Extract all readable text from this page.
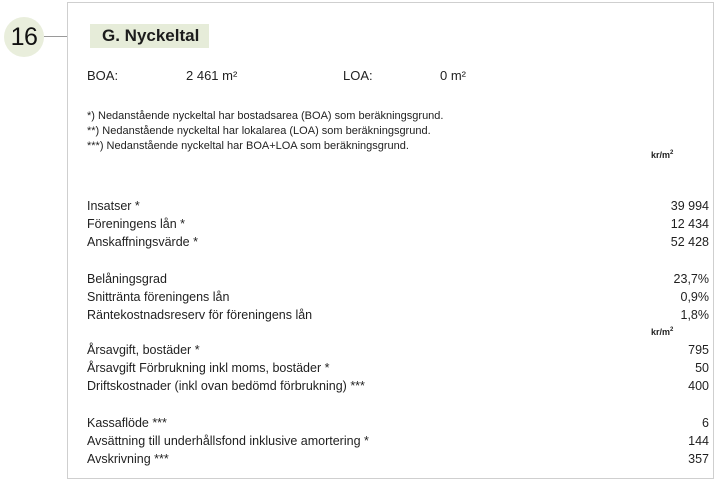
16	G. Nyckeltal
BOA:	2 461 m²	LOA:	0 m²
*) Nedanstående nyckeltal har bostadsarea (BOA) som beräkningsgrund.
**) Nedanstående nyckeltal har lokalarea (LOA) som beräkningsgrund.
***) Nedanstående nyckeltal har BOA+LOA som beräkningsgrund.
$kr/m^2$
Insatser *	39 994
Föreningens lån *	12 434
Anskaffningsvärde *	52 428
Belåningsgrad	23,7%
Snittränta föreningens lån	0,9%
Räntekostnadsreserv för föreningens lån	1,8%
$kr/m^2$
Årsavgift, bostäder *	795
Årsavgift Förbrukning inkl moms, bostäder *	50
Driftskostnader (inkl ovan bedömd förbrukning) ***	400
Kassaflöde ***	6
Avsättning till underhållsfond inklusive amortering *	144
Avskrivning ***	357
